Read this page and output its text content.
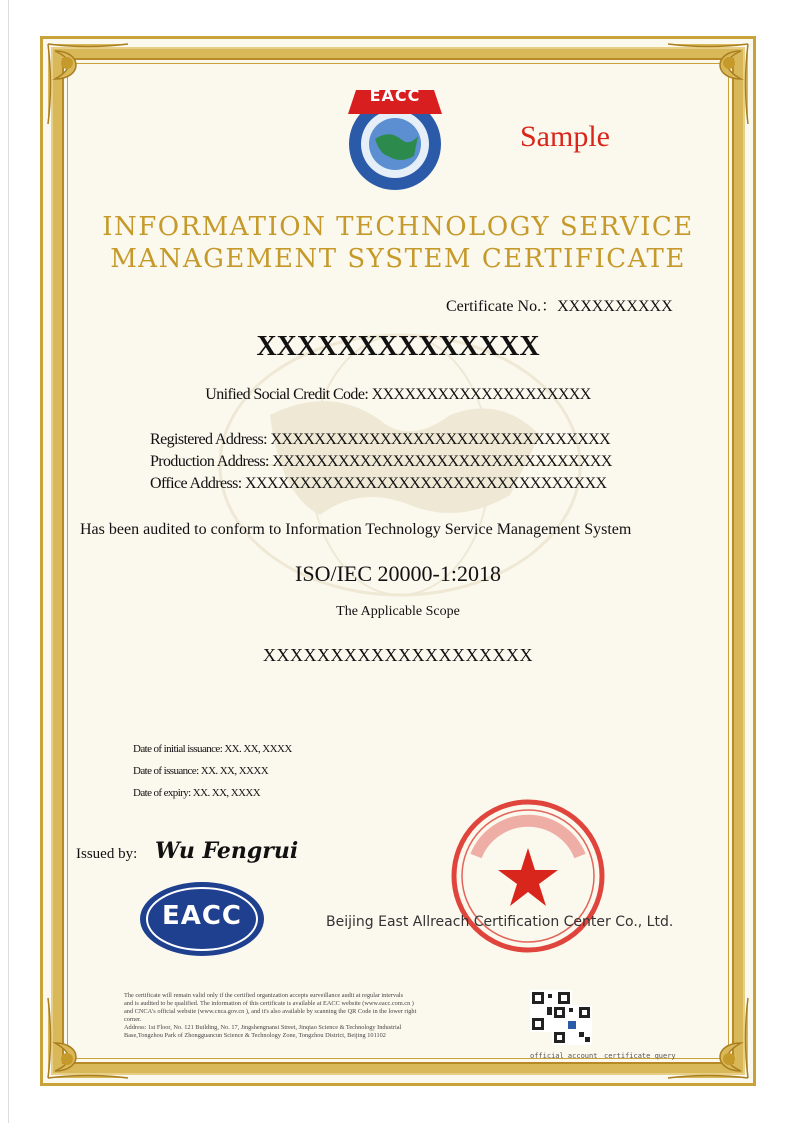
EACC
Sample
INFORMATION TECHNOLOGY SERVICE
MANAGEMENT SYSTEM CERTIFICATE
Certificate No.：XXXXXXXXXX
XXXXXXXXXXXXXX
Unified Social Credit Code: XXXXXXXXXXXXXXXXXXXX
Registered Address: XXXXXXXXXXXXXXXXXXXXXXXXXXXXXXX
Production Address: XXXXXXXXXXXXXXXXXXXXXXXXXXXXXXX
Office Address: XXXXXXXXXXXXXXXXXXXXXXXXXXXXXXXXX
Has been audited to conform to Information Technology Service Management System
ISO/IEC 20000-1:2018
The Applicable Scope
XXXXXXXXXXXXXXXXXXXX
Date of initial issuance: XX. XX, XXXX
Date of issuance: XX. XX, XXXX
Date of expiry: XX. XX, XXXX
Issued by: Wu Fengrui
EACC	Beijing East Allreach Certification Center Co., Ltd.
The certificate will remain valid only if the certified organization accepts surveillance audit at regular intervals
and is audited to be qualified. The information of this certificate is available at EACC website (www.eacc.com.cn )
and CNCA's official website (www.cnca.gov.cn ), and it's also available by scanning the QR Code in the lower right
corner.
Address: 1st Floor, No. 121 Building, No. 17, Jingshengnansi Street, Jinqiao Science & Technology Industrial
Base,Tongzhou Park of Zhongguancun Science & Technology Zone, Tongzhou District, Beijing 101102
official account certificate query
